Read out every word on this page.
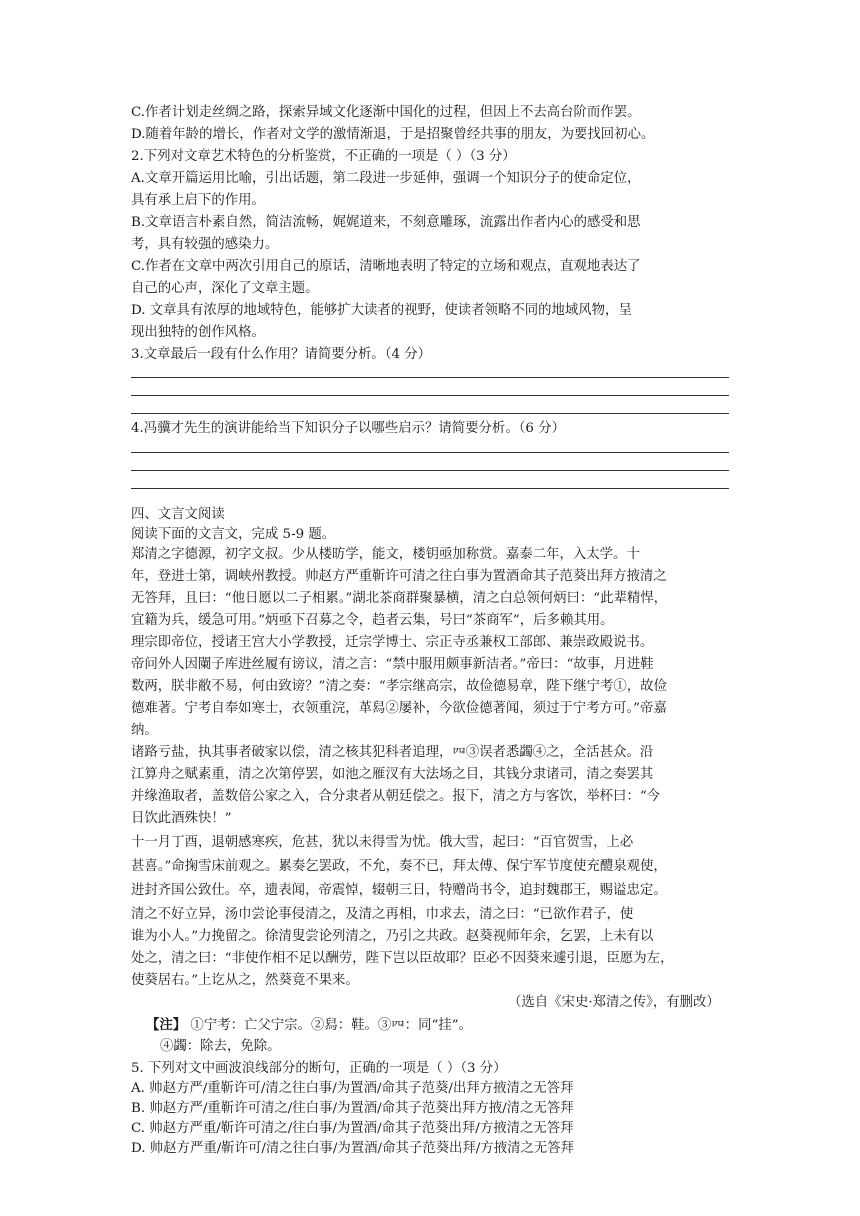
C.作者计划走丝绸之路，探索异域文化逐渐中国化的过程，但因上不去高台阶而作罢。
D.随着年龄的增长，作者对文学的激情渐退，于是招聚曾经共事的朋友，为要找回初心。
2.下列对文章艺术特色的分析鉴赏，不正确的一项是（ ）（3 分）
A.文章开篇运用比喻，引出话题，第二段进一步延伸，强调一个知识分子的使命定位，
具有承上启下的作用。
B.文章语言朴素自然，简洁流畅，娓娓道来，不刻意雕琢，流露出作者内心的感受和思
考，具有较强的感染力。
C.作者在文章中两次引用自己的原话，清晰地表明了特定的立场和观点，直观地表达了
自己的心声，深化了文章主题。
D. 文章具有浓厚的地域特色，能够扩大读者的视野，使读者领略不同的地域风物，呈
现出独特的创作风格。
3.文章最后一段有什么作用？请简要分析。（4 分）
4.冯骥才先生的演讲能给当下知识分子以哪些启示？请简要分析。（6 分）
四、文言文阅读
阅读下面的文言文，完成 5-9 题。
郑清之字德源，初字文叔。少从楼昉学，能文，楼钥亟加称赏。嘉泰二年，入太学。十
年，登进士第，调峡州教授。帅赵方严重靳许可清之往白事为置酒命其子范葵出拜方掖清之
无答拜，且曰：“他日愿以二子相累。”湖北茶商群聚暴横，清之白总领何炳曰：“此辈精悍，
宜籍为兵，缓急可用。”炳亟下召募之令，趋者云集，号曰“茶商军”，后多赖其用。
理宗即帝位，授诸王宫大小学教授，迁宗学博士、宗正寺丞兼权工部郎、兼崇政殿说书。
帝问外人因䦨子库进丝履有谤议，清之言：“禁中服用颇事新洁者。”帝曰：“故事，月进鞋
数两，朕非敝不易，何由致谤？”清之奏：“孝宗继高宗，故俭德易章，陛下继宁考①，故俭
德难著。宁考自奉如寒士，衣领重浣，革舄②屡补，今欲俭德著闻，须过于宁考方可。”帝嘉
纳。
诸路亏盐，执其事者破家以偿，清之核其犯科者追理，𦉪③误者悉蠲④之，全活甚众。沿
江算舟之赋素重，清之次第停罢，如池之雁汊有大法场之目，其钱分隶诸司，清之奏罢其
并缘渔取者，盖数倍公家之入，合分隶者从朝廷偿之。报下，清之方与客饮，举杯曰：“今
日饮此酒殊快！”
十一月丁酉，退朝感寒疾，危甚，犹以未得雪为忧。俄大雪，起曰：“百官贺雪，上必
甚喜。”命掬雪床前观之。累奏乞罢政，不允，奏不已，拜太傅、保宁军节度使充醴泉观使，
进封齐国公致仕。卒，遗表闻，帝震悼，辍朝三日，特赠尚书令，追封魏郡王，赐谥忠定。
清之不好立异，汤巾尝论事侵清之，及清之再相，巾求去，清之曰：“已欲作君子，使
谁为小人。”力挽留之。徐清叟尝论列清之，乃引之共政。赵葵视师年余，乞罢，上未有以
处之，清之曰：“非使作相不足以酬劳，陛下岂以臣故耶？臣必不因葵来遽引退，臣愿为左，
使葵居右。”上讫从之，然葵竟不果来。
（选自《宋史·郑清之传》，有删改）
【注】 ①宁考：亡父宁宗。②舄：鞋。③𦉪：同“挂”。
④蠲：除去，免除。
5. 下列对文中画波浪线部分的断句，正确的一项是（ ）（3 分）
A. 帅赵方严/重靳许可/清之往白事/为置酒/命其子范葵/出拜方掖清之无答拜
B. 帅赵方严/重靳许可清之/往白事/为置酒/命其子范葵出拜方掖/清之无答拜
C. 帅赵方严重/靳许可清之/往白事/为置酒/命其子范葵出拜/方掖清之无答拜
D. 帅赵方严重/靳许可/清之往白事/为置酒/命其子范葵出拜/方掖清之无答拜
